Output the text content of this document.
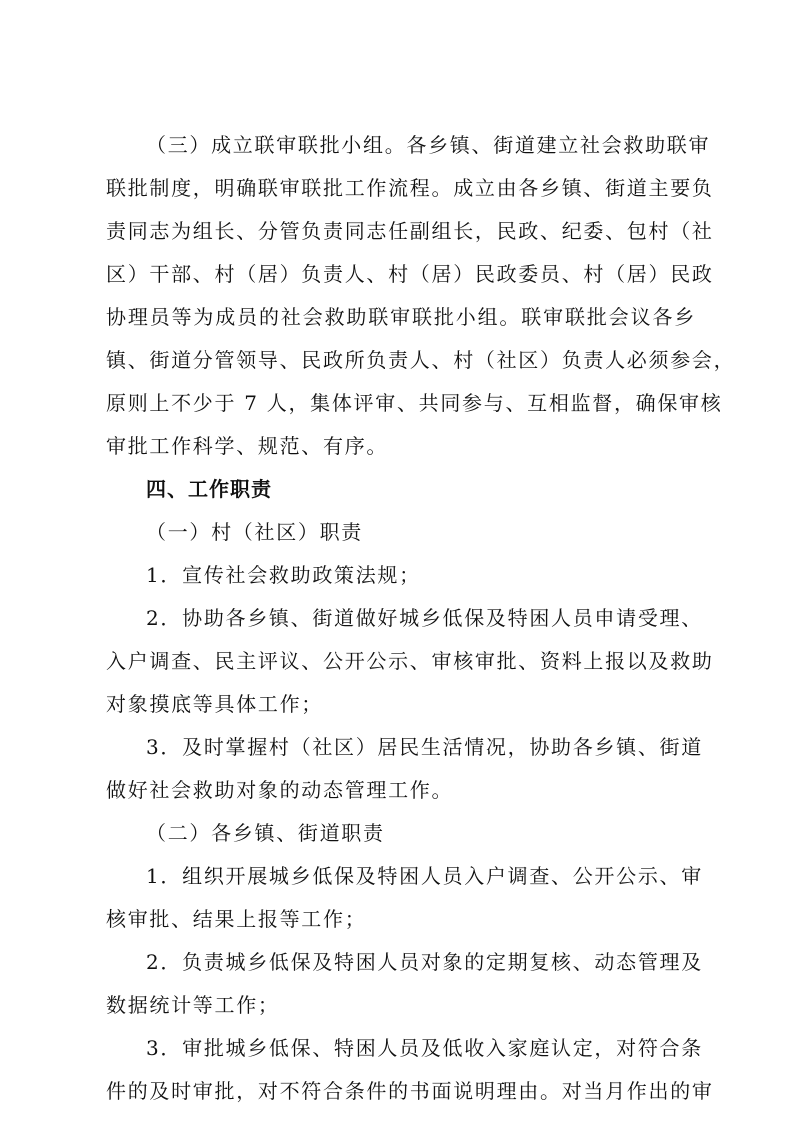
（三）成立联审联批小组。各乡镇、街道建立社会救助联审
联批制度，明确联审联批工作流程。成立由各乡镇、街道主要负
责同志为组长、分管负责同志任副组长，民政、纪委、包村（社
区）干部、村（居）负责人、村（居）民政委员、村（居）民政
协理员等为成员的社会救助联审联批小组。联审联批会议各乡
镇、街道分管领导、民政所负责人、村（社区）负责人必须参会，
原则上不少于 7 人，集体评审、共同参与、互相监督，确保审核
审批工作科学、规范、有序。
四、工作职责
（一）村（社区）职责
1．宣传社会救助政策法规；
2．协助各乡镇、街道做好城乡低保及特困人员申请受理、
入户调查、民主评议、公开公示、审核审批、资料上报以及救助
对象摸底等具体工作；
3．及时掌握村（社区）居民生活情况，协助各乡镇、街道
做好社会救助对象的动态管理工作。
（二）各乡镇、街道职责
1．组织开展城乡低保及特困人员入户调查、公开公示、审
核审批、结果上报等工作；
2．负责城乡低保及特困人员对象的定期复核、动态管理及
数据统计等工作；
3．审批城乡低保、特困人员及低收入家庭认定，对符合条
件的及时审批，对不符合条件的书面说明理由。对当月作出的审
